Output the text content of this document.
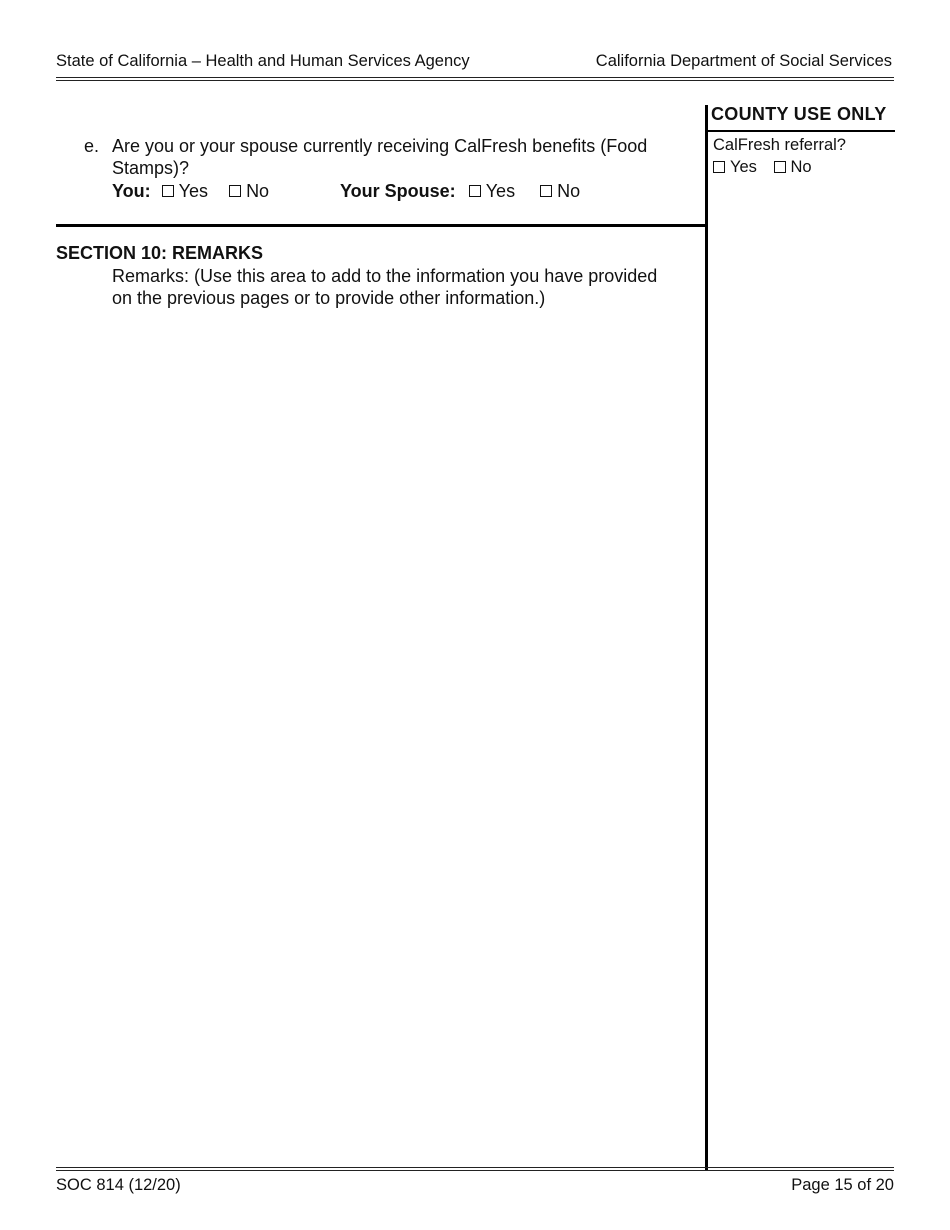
State of California – Health and Human Services Agency	California Department of Social Services
COUNTY USE ONLY
CalFresh referral?
Yes
No
e. Are you or your spouse currently receiving CalFresh benefits (Food
Stamps)?
You: Yes
No	Your Spouse: Yes
No
SECTION 10: REMARKS
Remarks: (Use this area to add to the information you have provided
on the previous pages or to provide other information.)
SOC 814 (12/20)	Page 15 of 20
